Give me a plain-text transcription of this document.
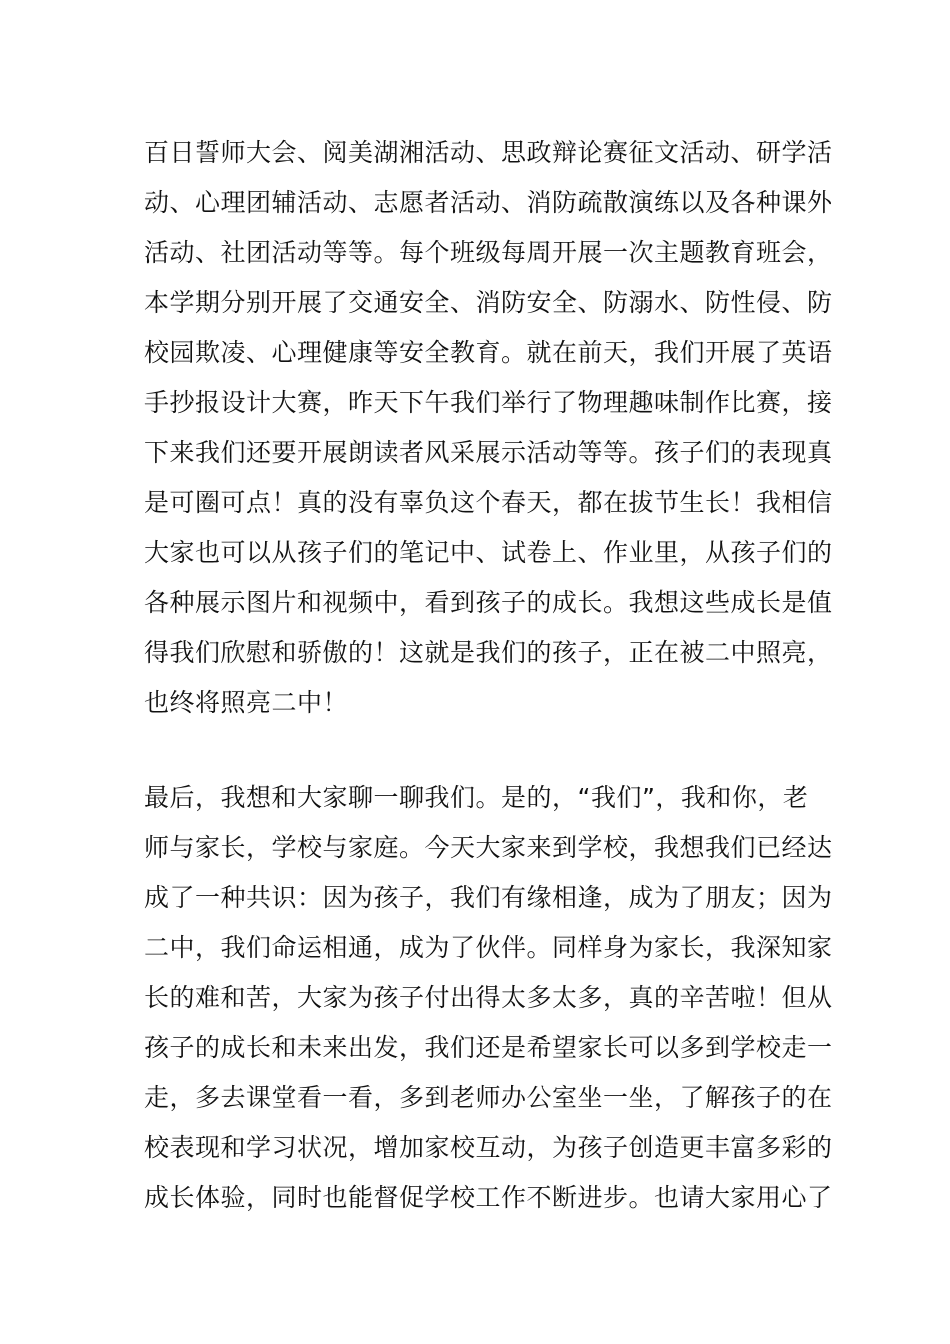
百日誓师大会、阅美湖湘活动、思政辩论赛征文活动、研学活
动、心理团辅活动、志愿者活动、消防疏散演练以及各种课外
活动、社团活动等等。每个班级每周开展一次主题教育班会，
本学期分别开展了交通安全、消防安全、防溺水、防性侵、防
校园欺凌、心理健康等安全教育。就在前天，我们开展了英语
手抄报设计大赛，昨天下午我们举行了物理趣味制作比赛，接
下来我们还要开展朗读者风采展示活动等等。孩子们的表现真
是可圈可点！真的没有辜负这个春天，都在拔节生长！我相信
大家也可以从孩子们的笔记中、试卷上、作业里，从孩子们的
各种展示图片和视频中，看到孩子的成长。我想这些成长是值
得我们欣慰和骄傲的！这就是我们的孩子，正在被二中照亮，
也终将照亮二中！
最后，我想和大家聊一聊我们。是的，“我们”，我和你，老
师与家长，学校与家庭。今天大家来到学校，我想我们已经达
成了一种共识：因为孩子，我们有缘相逢，成为了朋友；因为
二中，我们命运相通，成为了伙伴。同样身为家长，我深知家
长的难和苦，大家为孩子付出得太多太多，真的辛苦啦！但从
孩子的成长和未来出发，我们还是希望家长可以多到学校走一
走，多去课堂看一看，多到老师办公室坐一坐，了解孩子的在
校表现和学习状况，增加家校互动，为孩子创造更丰富多彩的
成长体验，同时也能督促学校工作不断进步。也请大家用心了
